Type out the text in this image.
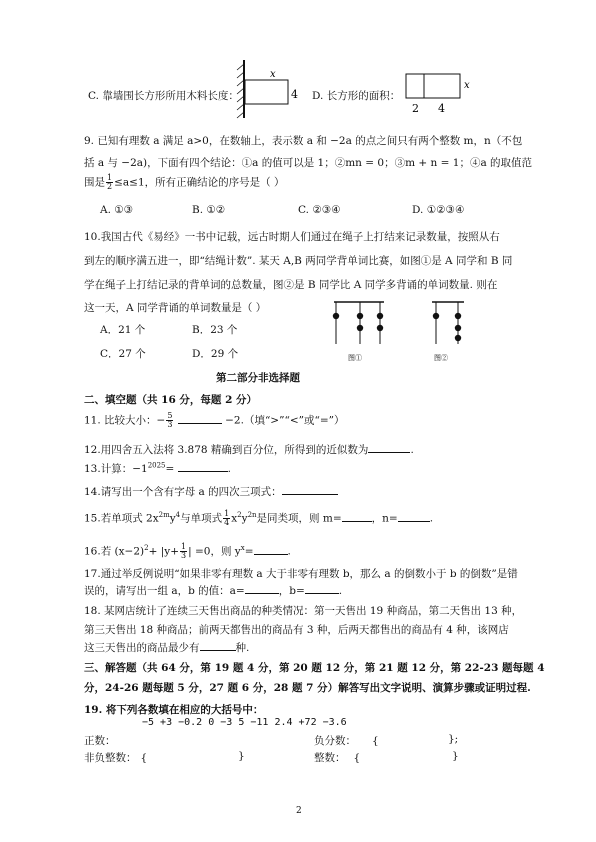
C. 靠墙围长方形所用木料长度：
x
4 D. 长方形的面积：
x
2 4
9. 已知有理数 a 满足 a>0，在数轴上，表示数 a 和 −2a 的点之间只有两个整数 m，n（不包
括 a 与 −2a)，下面有四个结论：①a 的值可以是 1；②mn = 0；③m + n = 1；④a 的取值范
围是 $\frac{1}{2} \le a\le 1$，所有正确结论的序号是（ ）
A. ①③	B. ①②	C. ②③④	D. ①②③④
10.我国古代《易经》一书中记载，远古时期人们通过在绳子上打结来记录数量，按照从右
到左的顺序满五进一，即“结绳计数”. 某天 A,B 两同学背单词比赛，如图①是 A 同学和 B 同
学在绳子上打结记录的背单词的总数量，图②是 B 同学比 A 同学多背诵的单词数量. 则在
这一天，A 同学背诵的单词数量是（ ）
A．21 个	B．23 个
C．27 个	D．29 个	图①	图②
第二部分非选择题
二、填空题（共 16 分，每题 2 分）
11. 比较大小：− $\frac{5}{3}$	−2.（填“>”“<”或“=”）
12.用四舍五入法将 3.878 精确到百分位，所得到的近似数为	.
13.计算：$-1^{2025}=$	.
14.请写出一个含有字母 a 的四次三项式：
15.若单项式 $2x^{2m}y^4$与单项式 $\frac{1}{4} x^2y^{2n}$是同类项，则 m=	，n=	.
16.若 $(x-2)^2+ |y+ \frac{1}{3}$ | =0，则 $y^x=$	.
17.通过举反例说明“如果非零有理数 a 大于非零有理数 b，那么 a 的倒数小于 b 的倒数”是错
误的，请写出一组 a，b 的值：a=	，b=	.
18. 某网店统计了连续三天售出商品的种类情况：第一天售出 19 种商品，第二天售出 13 种，
第三天售出 18 种商品；前两天都售出的商品有 3 种，后两天都售出的商品有 4 种，该网店
这三天售出的商品最少有	种.
三、解答题（共 64 分，第 19 题 4 分，第 20 题 12 分，第 21 题 12 分，第 22-23 题每题 4
分，24-26 题每题 5 分，27 题 6 分，28 题 7 分）解答写出文字说明、演算步骤或证明过程.
19. 将下列各数填在相应的大括号中：
−5 +3 −0.2 0 −3 5 −11 2.4 +72 −3.6
正数：	负分数： {	};
非负整数： {	}	整数： {	}
2
